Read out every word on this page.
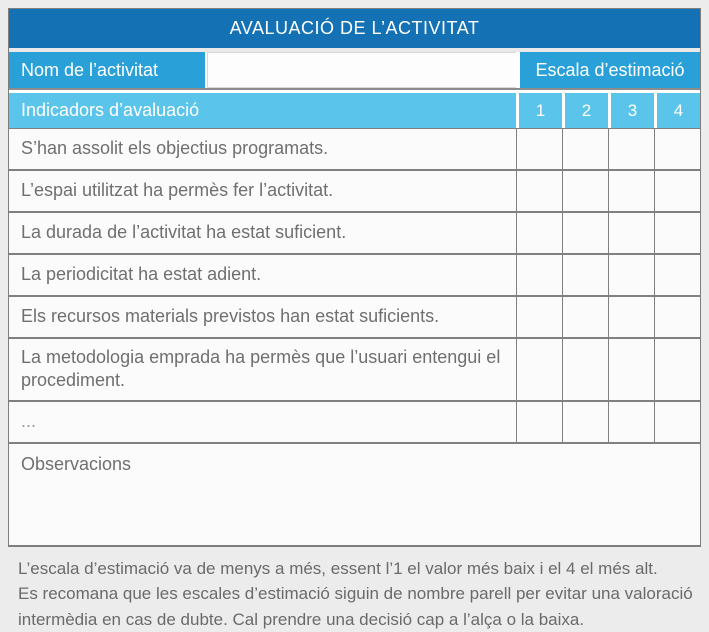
AVALUACIÓ DE L’ACTIVITAT
Nom de l’activitat	Escala d’estimació
Indicadors d’avaluació	1	2	3	4
S’han assolit els objectius programats.
L’espai utilitzat ha permès fer l’activitat.
La durada de l’activitat ha estat suficient.
La periodicitat ha estat adient.
Els recursos materials previstos han estat suficients.
La metodologia emprada ha permès que l’usuari entengui el procediment.
...
Observacions

L’escala d’estimació va de menys a més, essent l’1 el valor més baix i el 4 el més alt.

Es recomana que les escales d’estimació siguin de nombre parell per evitar una valoració intermèdia en cas de dubte. Cal prendre una decisió cap a l’alça o la baixa.
